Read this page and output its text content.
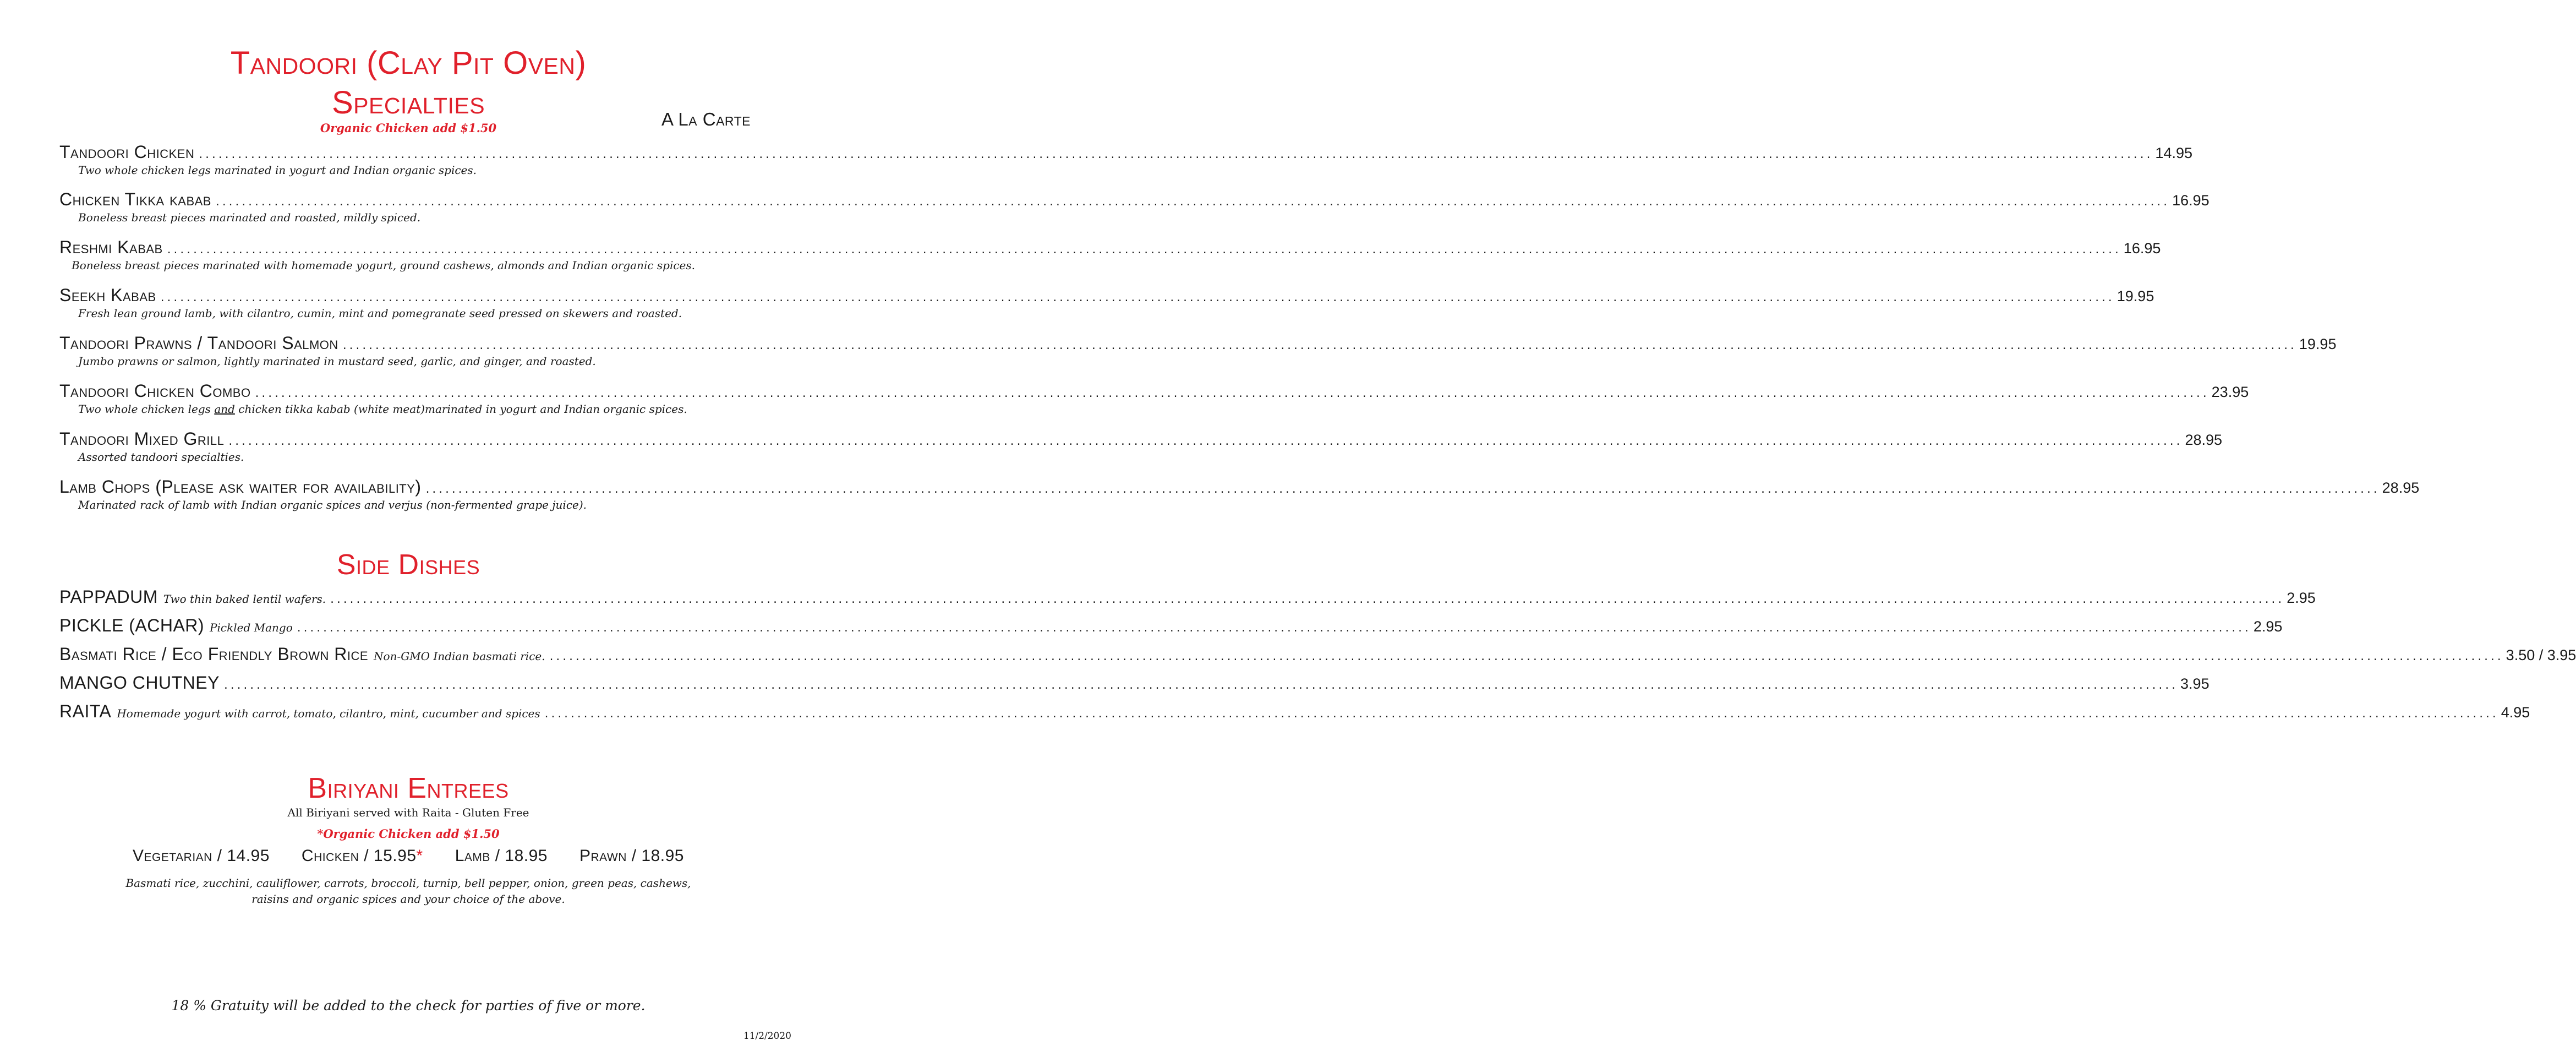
Tandoori (Clay Pit Oven)
Specialties
Organic Chicken add $1.50	A La Carte
Tandoori Chicken ............................................................................................................................................................................................................................................................................................................ 14.95
Two whole chicken legs marinated in yogurt and Indian organic spices.
Chicken Tikka kabab ............................................................................................................................................................................................................................................................................................................ 16.95
Boneless breast pieces marinated and roasted, mildly spiced.
Reshmi Kabab ............................................................................................................................................................................................................................................................................................................ 16.95
Boneless breast pieces marinated with homemade yogurt, ground cashews, almonds and Indian organic spices.
Seekh Kabab ............................................................................................................................................................................................................................................................................................................ 19.95
Fresh lean ground lamb, with cilantro, cumin, mint and pomegranate seed pressed on skewers and roasted.
Tandoori Prawns / Tandoori Salmon ............................................................................................................................................................................................................................................................................................................ 19.95
Jumbo prawns or salmon, lightly marinated in mustard seed, garlic, and ginger, and roasted.
Tandoori Chicken Combo ............................................................................................................................................................................................................................................................................................................ 23.95
Two whole chicken legs and chicken tikka kabab (white meat)marinated in yogurt and Indian organic spices.
Tandoori Mixed Grill ............................................................................................................................................................................................................................................................................................................ 28.95
Assorted tandoori specialties.
Lamb Chops (Please ask waiter for availability) ............................................................................................................................................................................................................................................................................................................ 28.95
Marinated rack of lamb with Indian organic spices and verjus (non-fermented grape juice).
Side Dishes
PAPPADUM Two thin baked lentil wafers. ............................................................................................................................................................................................................................................................................................................ 2.95
PICKLE (ACHAR) Pickled Mango ............................................................................................................................................................................................................................................................................................................ 2.95
Basmati Rice / Eco Friendly Brown Rice Non-GMO Indian basmati rice. ............................................................................................................................................................................................................................................................................................................ 3.50 / 3.95
MANGO CHUTNEY ............................................................................................................................................................................................................................................................................................................ 3.95
RAITA Homemade yogurt with carrot, tomato, cilantro, mint, cucumber and spices ............................................................................................................................................................................................................................................................................................................ 4.95
Biriyani Entrees
All Biriyani served with Raita - Gluten Free
*Organic Chicken add $1.50
Vegetarian / 14.95 Chicken / 15.95* Lamb / 18.95 Prawn / 18.95
Basmati rice, zucchini, cauliflower, carrots, broccoli, turnip, bell pepper, onion, green peas, cashews,
raisins and organic spices and your choice of the above.
18 % Gratuity will be added to the check for parties of five or more.
11/2/2020
